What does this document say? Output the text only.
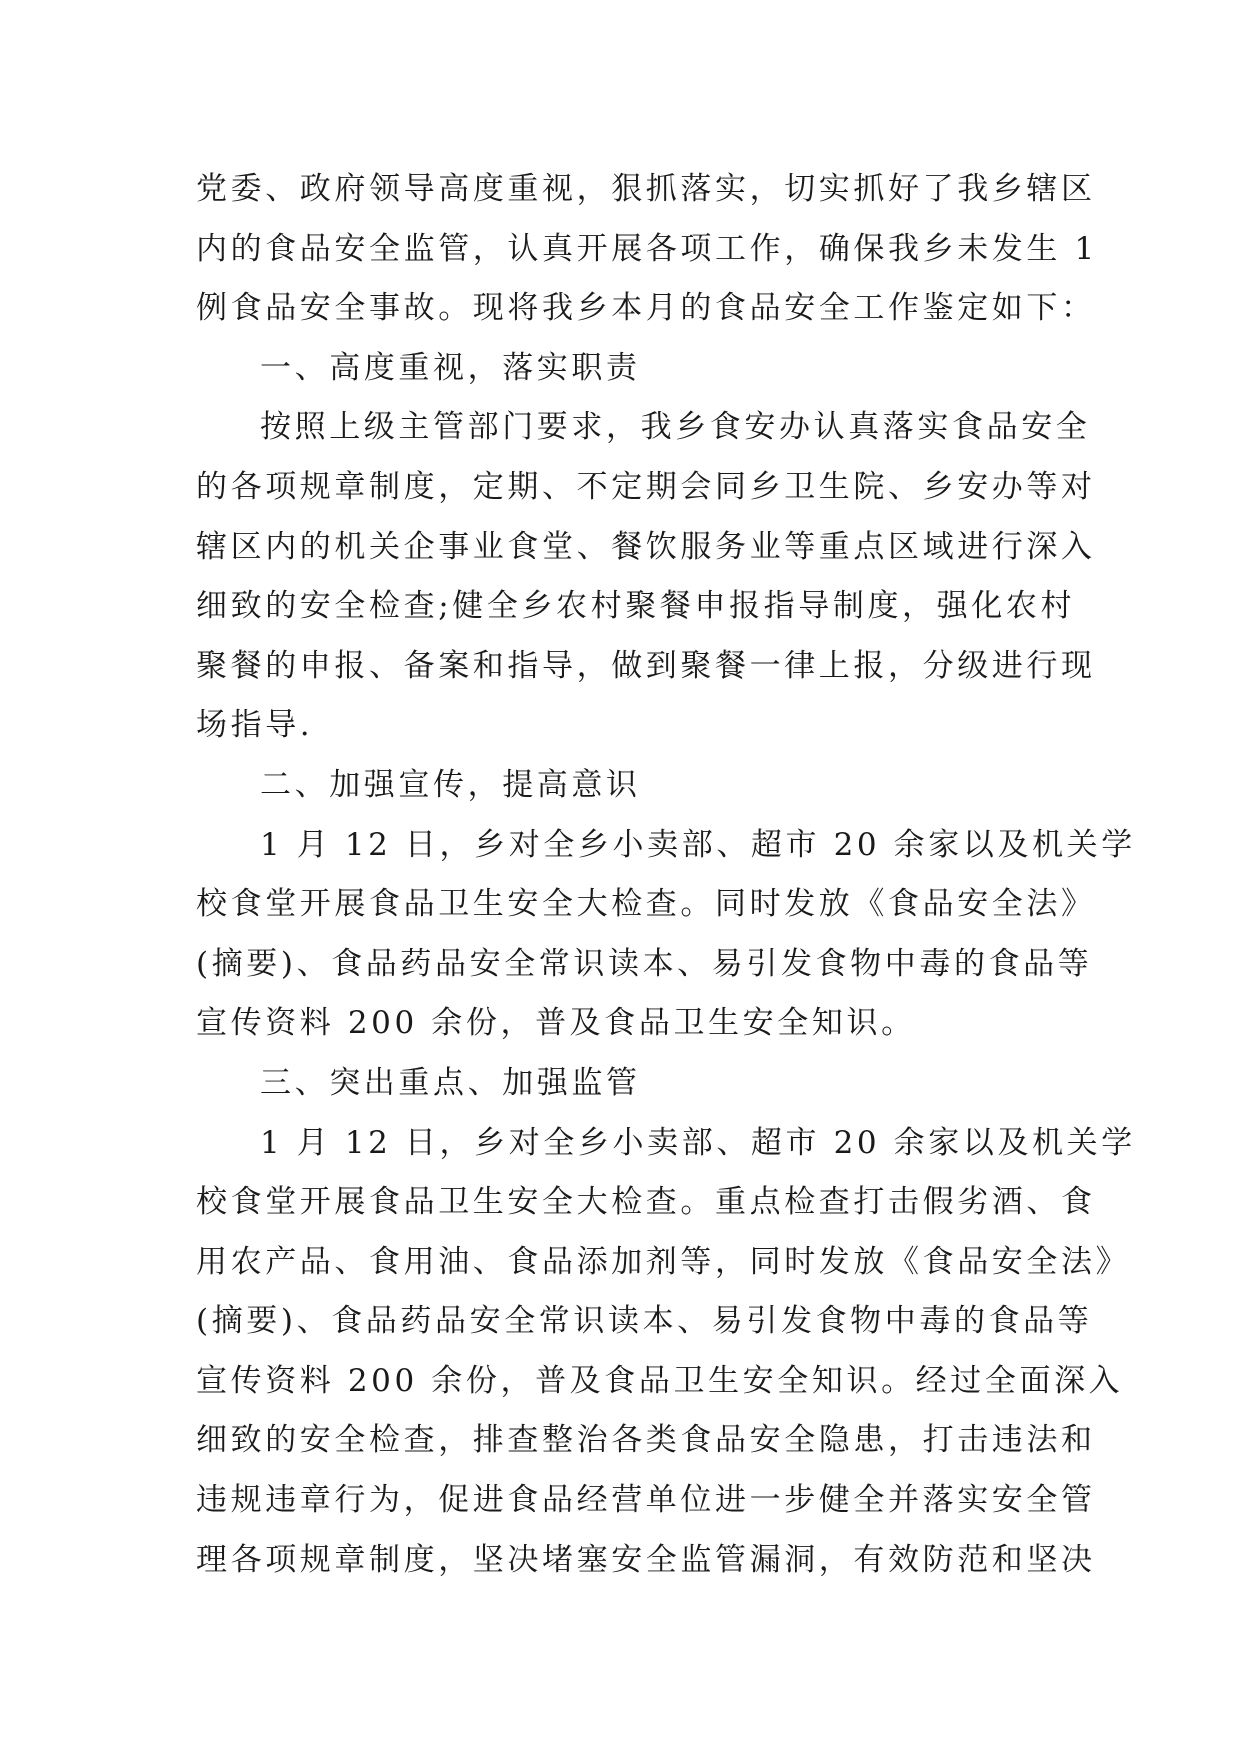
党委、政府领导高度重视，狠抓落实，切实抓好了我乡辖区
内的食品安全监管，认真开展各项工作，确保我乡未发生 1
例食品安全事故。现将我乡本月的食品安全工作鉴定如下：
一、高度重视，落实职责
按照上级主管部门要求，我乡食安办认真落实食品安全
的各项规章制度，定期、不定期会同乡卫生院、乡安办等对
辖区内的机关企事业食堂、餐饮服务业等重点区域进行深入
细致的安全检查;健全乡农村聚餐申报指导制度，强化农村
聚餐的申报、备案和指导，做到聚餐一律上报，分级进行现
场指导.
二、加强宣传，提高意识
1 月 12 日，乡对全乡小卖部、超市 20 余家以及机关学
校食堂开展食品卫生安全大检查。同时发放《食品安全法》
(摘要)、食品药品安全常识读本、易引发食物中毒的食品等
宣传资料 200 余份，普及食品卫生安全知识。
三、突出重点、加强监管
1 月 12 日，乡对全乡小卖部、超市 20 余家以及机关学
校食堂开展食品卫生安全大检查。重点检查打击假劣酒、食
用农产品、食用油、食品添加剂等，同时发放《食品安全法》
(摘要)、食品药品安全常识读本、易引发食物中毒的食品等
宣传资料 200 余份，普及食品卫生安全知识。经过全面深入
细致的安全检查，排查整治各类食品安全隐患，打击违法和
违规违章行为，促进食品经营单位进一步健全并落实安全管
理各项规章制度，坚决堵塞安全监管漏洞，有效防范和坚决
